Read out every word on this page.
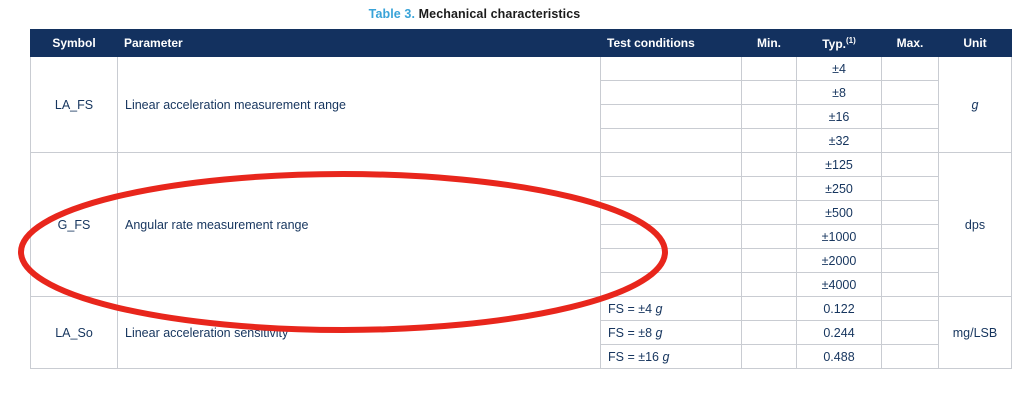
Table 3. Mechanical characteristics
Symbol	Parameter	Test conditions	Min.	Typ.$^{(1)}$	Max.	Unit
LA_FS	Linear acceleration measurement range			±4		g
				±8		
				±16		
				±32		
G_FS	Angular rate measurement range			±125		dps
				±250		
				±500		
				±1000		
				±2000		
				±4000		
LA_So	Linear acceleration sensitivity	FS = ±4 g		0.122		mg/LSB
		FS = ±8 g		0.244		
		FS = ±16 g		0.488		
